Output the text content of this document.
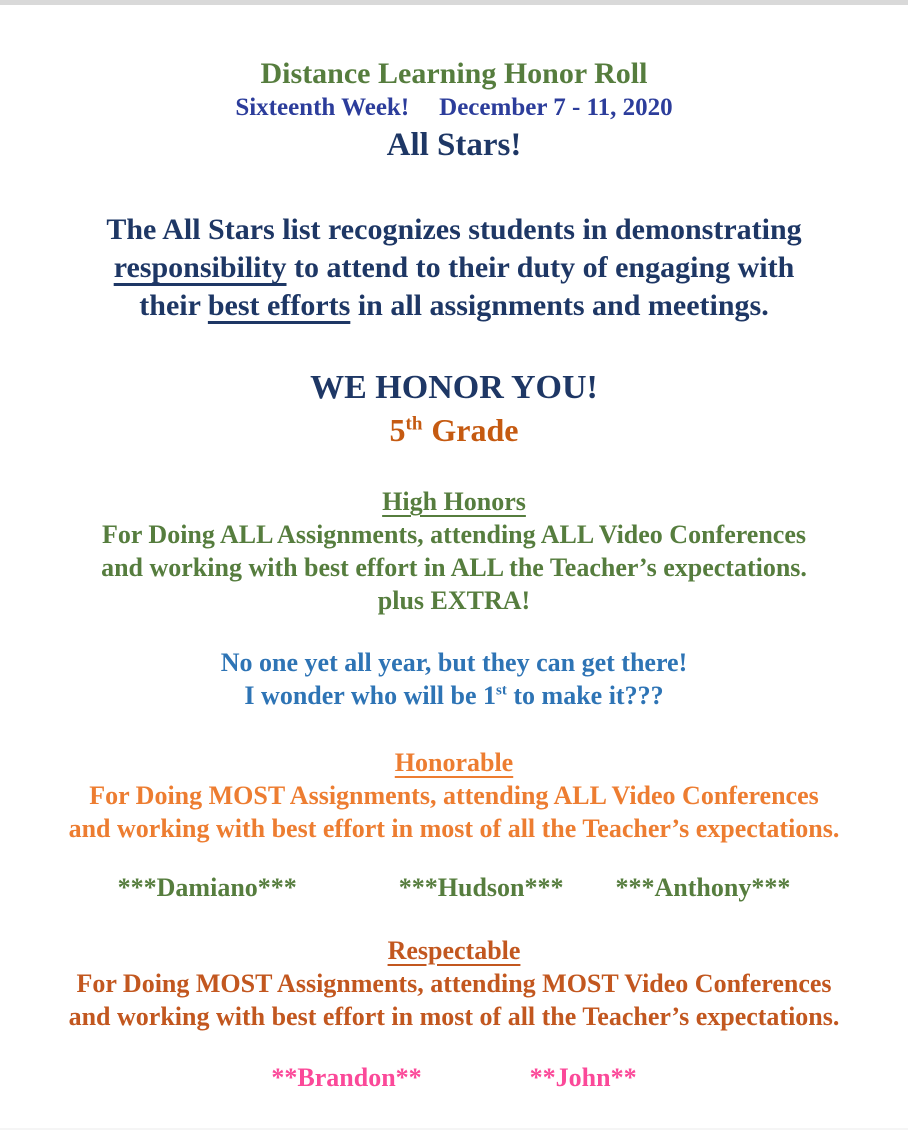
Distance Learning Honor Roll
Sixteenth Week! December 7 - 11, 2020
All Stars!
The All Stars list recognizes students in demonstrating
responsibility to attend to their duty of engaging with
their best efforts in all assignments and meetings.
WE HONOR YOU!
5th Grade
High Honors

For Doing ALL Assignments, attending ALL Video Conferences

and working with best effort in ALL the Teacher’s expectations.

plus EXTRA!

No one yet all year, but they can get there!

I wonder who will be 1st to make it???

Honorable

For Doing MOST Assignments, attending ALL Video Conferences

and working with best effort in most of all the Teacher’s expectations.

***Damiano***	***Hudson*** ***Anthony***
Respectable

For Doing MOST Assignments, attending MOST Video Conferences

and working with best effort in most of all the Teacher’s expectations.

**Brandon**	**John**
